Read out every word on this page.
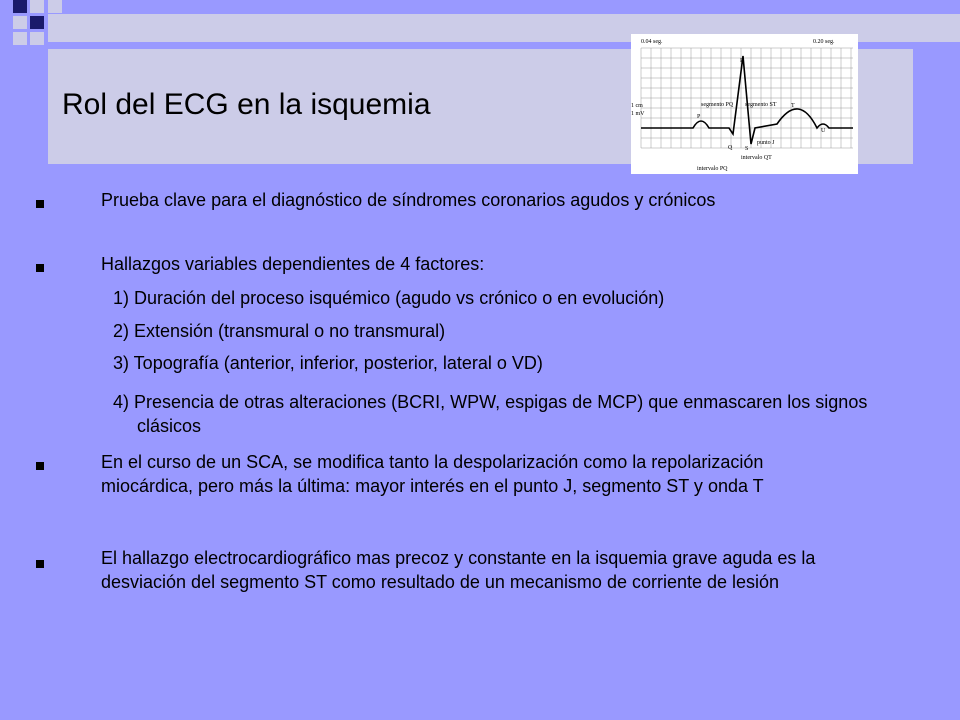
Rol del ECG en la isquemia
0.04 seg.	0.20 seg.
1 cm
1 mV
R
P
Q S
T
U
segmento PQ segmento ST
punto J
intervalo QT
intervalo PQ
Prueba clave para el diagnóstico de síndromes coronarios agudos y crónicos
Hallazgos variables dependientes de 4 factores:
1) Duración del proceso isquémico (agudo vs crónico o en evolución)
2) Extensión (transmural o no transmural)
3) Topografía (anterior, inferior, posterior, lateral o VD)
4) Presencia de otras alteraciones (BCRI, WPW, espigas de MCP) que enmascaren los signos clásicos
En el curso de un SCA, se modifica tanto la despolarización como la repolarización miocárdica, pero más la última: mayor interés en el punto J, segmento ST y onda T
El hallazgo electrocardiográfico mas precoz y constante en la isquemia grave aguda es la desviación del segmento ST como resultado de un mecanismo de corriente de lesión
